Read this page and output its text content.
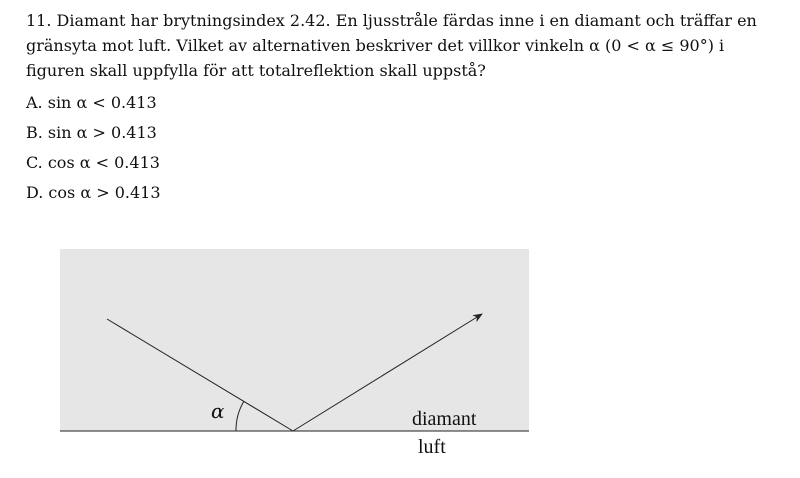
11. Diamant har brytningsindex 2.42. En ljusstråle färdas inne i en diamant och träffar en gränsyta mot luft. Vilket av alternativen beskriver det villkor vinkeln α (0 < α ≤ 90°) i figuren skall uppfylla för att totalreflektion skall uppstå?

A. sin α < 0.413
B. sin α > 0.413
C. cos α < 0.413
D. cos α > 0.413
α	diamant
luft
